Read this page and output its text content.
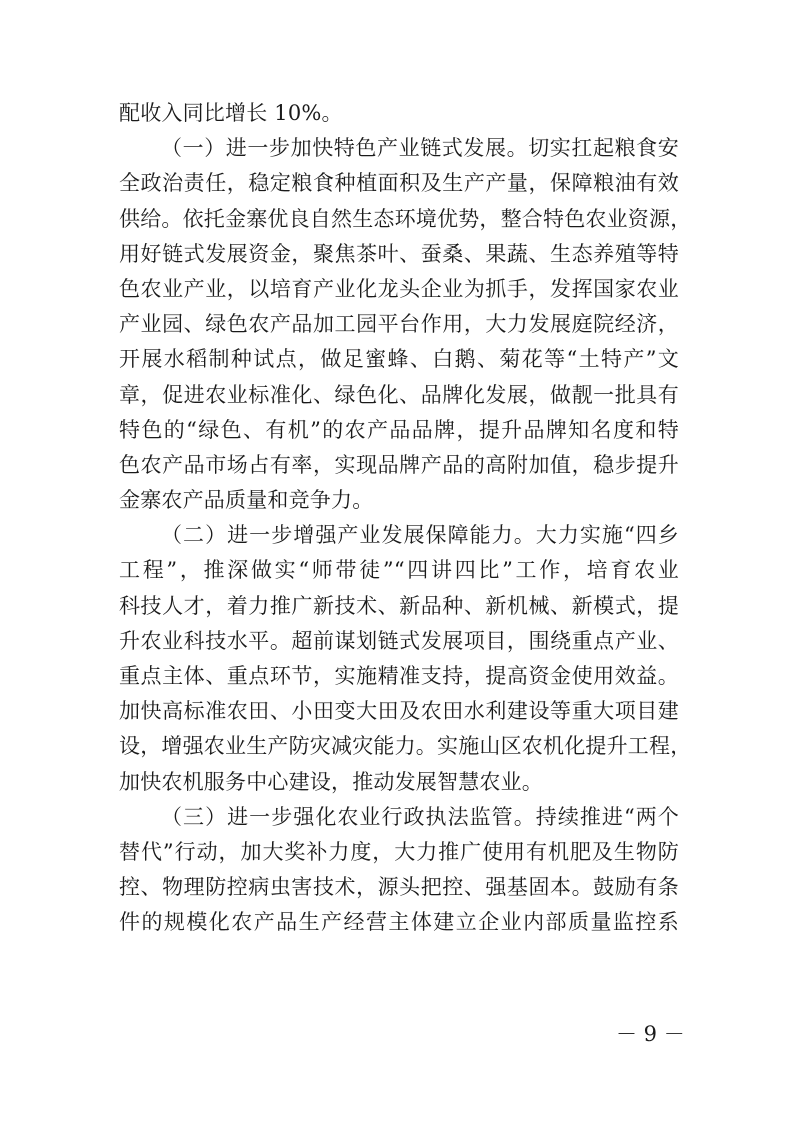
配收入同比增长 10%。
（一）进一步加快特色产业链式发展。切实扛起粮食安
全政治责任，稳定粮食种植面积及生产产量，保障粮油有效
供给。依托金寨优良自然生态环境优势，整合特色农业资源，
用好链式发展资金，聚焦茶叶、蚕桑、果蔬、生态养殖等特
色农业产业，以培育产业化龙头企业为抓手，发挥国家农业
产业园、绿色农产品加工园平台作用，大力发展庭院经济，
开展水稻制种试点，做足蜜蜂、白鹅、菊花等“土特产”文
章，促进农业标准化、绿色化、品牌化发展，做靓一批具有
特色的“绿色、有机”的农产品品牌，提升品牌知名度和特
色农产品市场占有率，实现品牌产品的高附加值，稳步提升
金寨农产品质量和竞争力。
（二）进一步增强产业发展保障能力。大力实施“四乡
工程”，推深做实“师带徒”“四讲四比”工作，培育农业
科技人才，着力推广新技术、新品种、新机械、新模式，提
升农业科技水平。超前谋划链式发展项目，围绕重点产业、
重点主体、重点环节，实施精准支持，提高资金使用效益。
加快高标准农田、小田变大田及农田水利建设等重大项目建
设，增强农业生产防灾减灾能力。实施山区农机化提升工程，
加快农机服务中心建设，推动发展智慧农业。
（三）进一步强化农业行政执法监管。持续推进“两个
替代”行动，加大奖补力度，大力推广使用有机肥及生物防
控、物理防控病虫害技术，源头把控、强基固本。鼓励有条
件的规模化农产品生产经营主体建立企业内部质量监控系
－ 9 －
